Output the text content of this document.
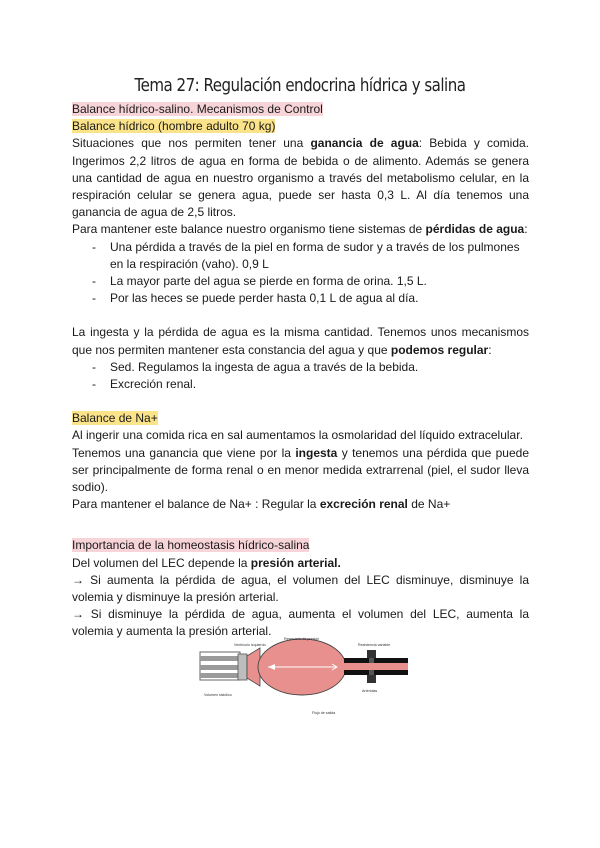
Tema 27: Regulación endocrina hídrica y salina

Balance hídrico-salino. Mecanismos de Control

Balance hídrico (hombre adulto 70 kg)

Situaciones que nos permiten tener una ganancia de agua: Bebida y comida. Ingerimos 2,2 litros de agua en forma de bebida o de alimento. Además se genera una cantidad de agua en nuestro organismo a través del metabolismo celular, en la respiración celular se genera agua, puede ser hasta 0,3 L. Al día tenemos una ganancia de agua de 2,5 litros.

Para mantener este balance nuestro organismo tiene sistemas de pérdidas de agua:

- Una pérdida a través de la piel en forma de sudor y a través de los pulmones en la respiración (vaho). 0,9 L
- La mayor parte del agua se pierde en forma de orina. 1,5 L.
- Por las heces se puede perder hasta 0,1 L de agua al día.

La ingesta y la pérdida de agua es la misma cantidad. Tenemos unos mecanismos que nos permiten mantener esta constancia del agua y que podemos regular:

- Sed. Regulamos la ingesta de agua a través de la bebida.
- Excreción renal.

Balance de Na+

Al ingerir una comida rica en sal aumentamos la osmolaridad del líquido extracelular.

Tenemos una ganancia que viene por la ingesta y tenemos una pérdida que puede ser principalmente de forma renal o en menor medida extrarrenal (piel, el sudor lleva sodio).

Para mantener el balance de Na+ : Regular la excreción renal de Na+

Importancia de la homeostasis hídrico-salina

Del volumen del LEC depende la presión arterial.

→ Si aumenta la pérdida de agua, el volumen del LEC disminuye, disminuye la volemia y disminuye la presión arterial.

→ Si disminuye la pérdida de agua, aumenta el volumen del LEC, aumenta la volemia y aumenta la presión arterial.

Ventrículo izquierdo
Reservorio de presión
Resistencia variable
Volumen sistólico
Flujo de salida
Arteriolas
